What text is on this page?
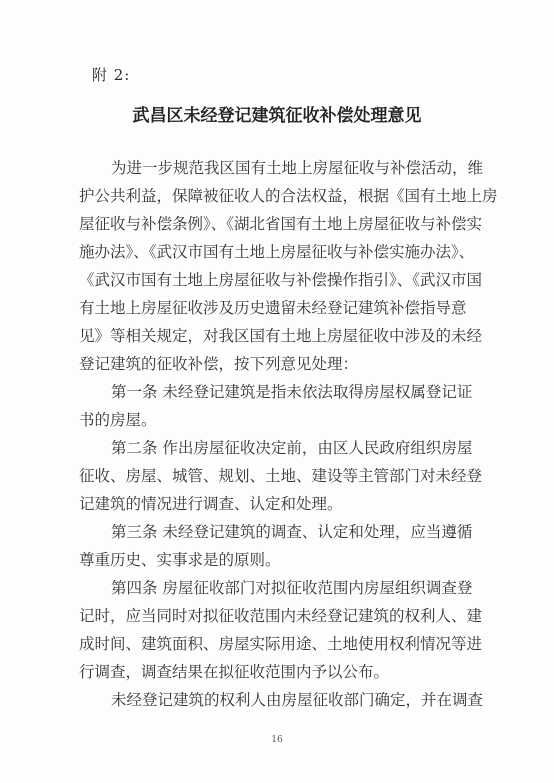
附 2:
武昌区未经登记建筑征收补偿处理意见
为进一步规范我区国有土地上房屋征收与补偿活动，维
护公共利益，保障被征收人的合法权益，根据《国有土地上房
屋征收与补偿条例》、《湖北省国有土地上房屋征收与补偿实
施办法》、《武汉市国有土地上房屋征收与补偿实施办法》、
《武汉市国有土地上房屋征收与补偿操作指引》、《武汉市国
有土地上房屋征收涉及历史遗留未经登记建筑补偿指导意
见》等相关规定，对我区国有土地上房屋征收中涉及的未经
登记建筑的征收补偿，按下列意见处理：
第一条 未经登记建筑是指未依法取得房屋权属登记证
书的房屋。
第二条 作出房屋征收决定前，由区人民政府组织房屋
征收、房屋、城管、规划、土地、建设等主管部门对未经登
记建筑的情况进行调查、认定和处理。
第三条 未经登记建筑的调查、认定和处理，应当遵循
尊重历史、实事求是的原则。
第四条 房屋征收部门对拟征收范围内房屋组织调查登
记时，应当同时对拟征收范围内未经登记建筑的权利人、建
成时间、建筑面积、房屋实际用途、土地使用权利情况等进
行调查，调查结果在拟征收范围内予以公布。
未经登记建筑的权利人由房屋征收部门确定，并在调查
16
